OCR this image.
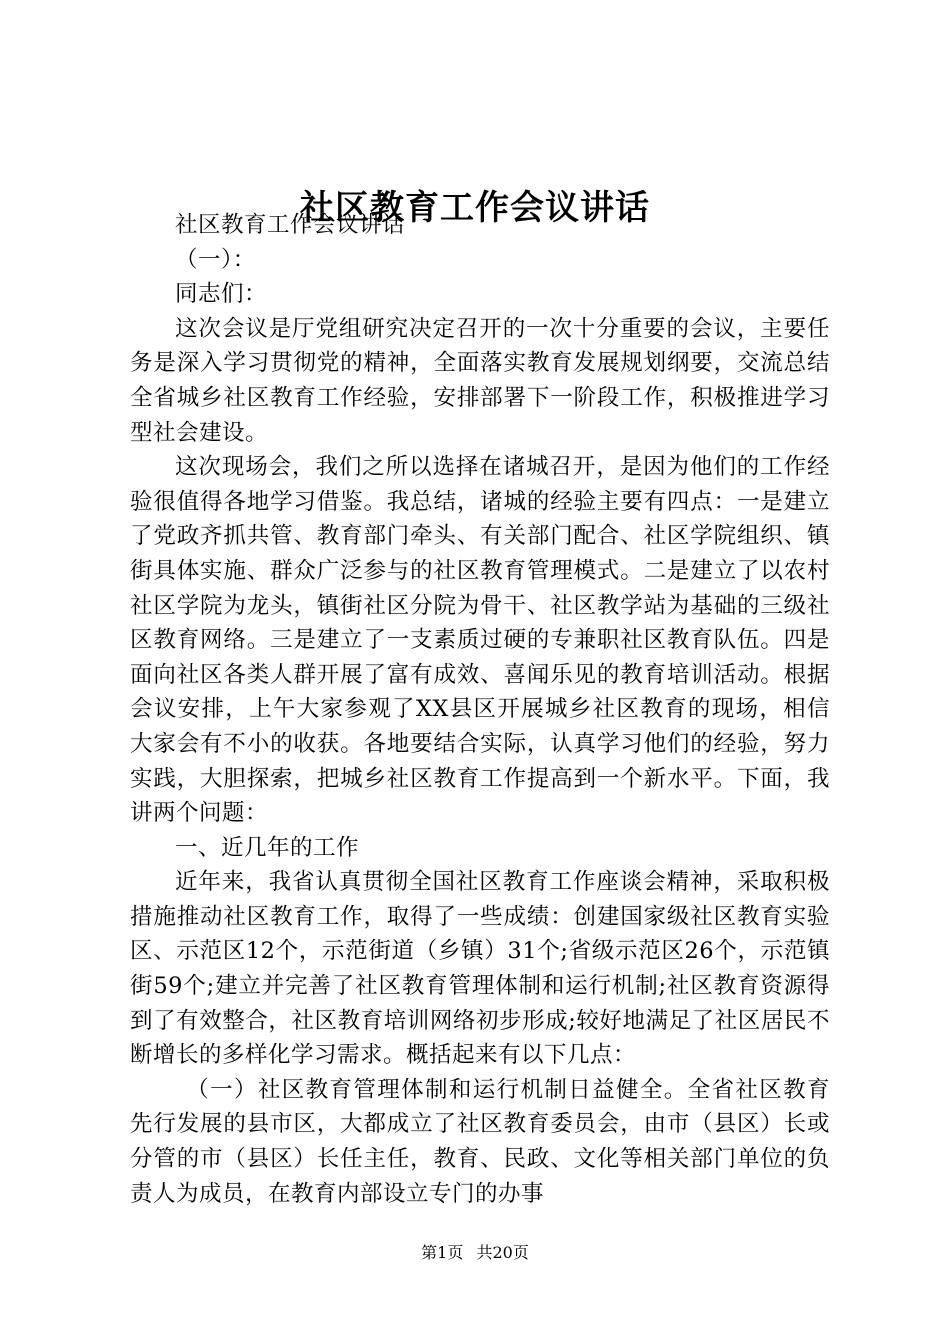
社区教育工作会议讲话

社区教育工作会议讲话

（一）：

同志们：

这次会议是厅党组研究决定召开的一次十分重要的会议，主要任务是深入学习贯彻党的精神，全面落实教育发展规划纲要，交流总结全省城乡社区教育工作经验，安排部署下一阶段工作，积极推进学习型社会建设。

这次现场会，我们之所以选择在诸城召开，是因为他们的工作经验很值得各地学习借鉴。我总结，诸城的经验主要有四点：一是建立了党政齐抓共管、教育部门牵头、有关部门配合、社区学院组织、镇街具体实施、群众广泛参与的社区教育管理模式。二是建立了以农村社区学院为龙头，镇街社区分院为骨干、社区教学站为基础的三级社区教育网络。三是建立了一支素质过硬的专兼职社区教育队伍。四是面向社区各类人群开展了富有成效、喜闻乐见的教育培训活动。根据会议安排，上午大家参观了XX县区开展城乡社区教育的现场，相信大家会有不小的收获。各地要结合实际，认真学习他们的经验，努力实践，大胆探索，把城乡社区教育工作提高到一个新水平。下面，我讲两个问题：

一、近几年的工作

近年来，我省认真贯彻全国社区教育工作座谈会精神，采取积极措施推动社区教育工作，取得了一些成绩：创建国家级社区教育实验区、示范区12个，示范街道（乡镇）31个;省级示范区26个，示范镇街59个;建立并完善了社区教育管理体制和运行机制;社区教育资源得到了有效整合，社区教育培训网络初步形成;较好地满足了社区居民不断增长的多样化学习需求。概括起来有以下几点：

（一）社区教育管理体制和运行机制日益健全。全省社区教育先行发展的县市区，大都成立了社区教育委员会，由市（县区）长或分管的市（县区）长任主任，教育、民政、文化等相关部门单位的负责人为成员，在教育内部设立专门的办事

第1页 共20页
